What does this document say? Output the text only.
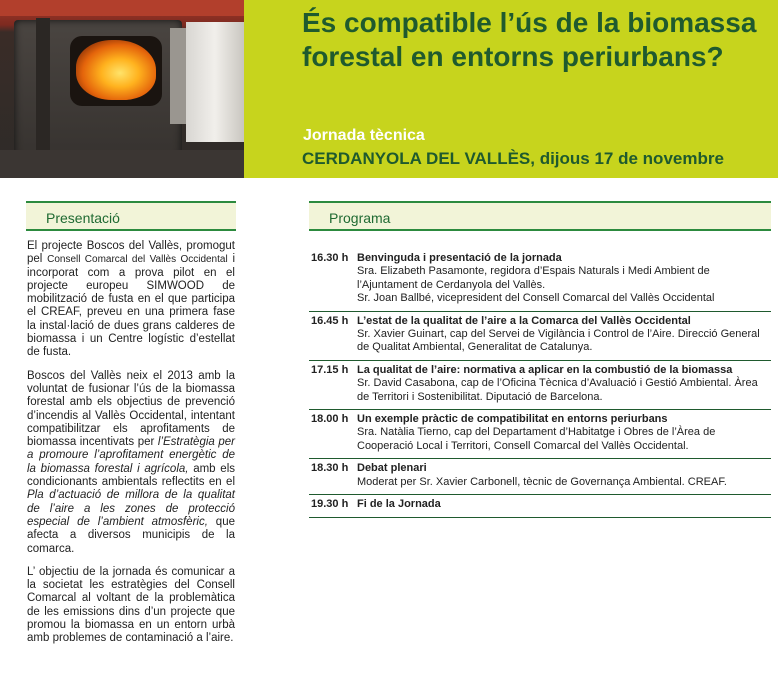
És compatible l’ús de la biomassa forestal en entorns periurbans?
Jornada tècnica
CERDANYOLA DEL VALLÈS, dijous 17 de novembre
Presentació

El projecte Boscos del Vallès, promogut pel Consell Comarcal del Vallès Occidental i incorporat com a prova pilot en el projecte europeu SIMWOOD de mobilització de fusta en el que participa el CREAF, preveu en una primera fase la instal·lació de dues grans calderes de biomassa i un Centre logístic d’estellat de fusta.

Boscos del Vallès neix el 2013 amb la voluntat de fusionar l’ús de la biomassa forestal amb els objectius de prevenció d’incendis al Vallès Occidental, intentant compatibilitzar els aprofitaments de biomassa incentivats per l’Estratègia per a promoure l’aprofitament energètic de la biomassa forestal i agrícola, amb els condicionants ambientals reflectits en el Pla d’actuació de millora de la qualitat de l’aire a les zones de protecció especial de l’ambient atmosfèric, que afecta a diversos municipis de la comarca.

L’ objectiu de la jornada és comunicar a la societat les estratègies del Consell Comarcal al voltant de la problemàtica de les emissions dins d’un projecte que promou la biomassa en un entorn urbà amb problemes de contaminació a l’aire.

Programa
16.30 h Benvinguda i presentació de la jornada
Sra. Elizabeth Pasamonte, regidora d’Espais Naturals i Medi Ambient de l’Ajuntament de Cerdanyola del Vallès.
Sr. Joan Ballbé, vicepresident del Consell Comarcal del Vallès Occidental
16.45 h L’estat de la qualitat de l’aire a la Comarca del Vallès Occidental
Sr. Xavier Guinart, cap del Servei de Vigilància i Control de l’Aire. Direcció General de Qualitat Ambiental, Generalitat de Catalunya.
17.15 h La qualitat de l’aire: normativa a aplicar en la combustió de la biomassa
Sr. David Casabona, cap de l’Oficina Tècnica d’Avaluació i Gestió Ambiental. Àrea de Territori i Sostenibilitat. Diputació de Barcelona.
18.00 h Un exemple pràctic de compatibilitat en entorns periurbans
Sra. Natàlia Tierno, cap del Departament d’Habitatge i Obres de l’Àrea de Cooperació Local i Territori, Consell Comarcal del Vallès Occidental.
18.30 h Debat plenari
Moderat per Sr. Xavier Carbonell, tècnic de Governança Ambiental. CREAF.
19.30 h Fi de la Jornada
